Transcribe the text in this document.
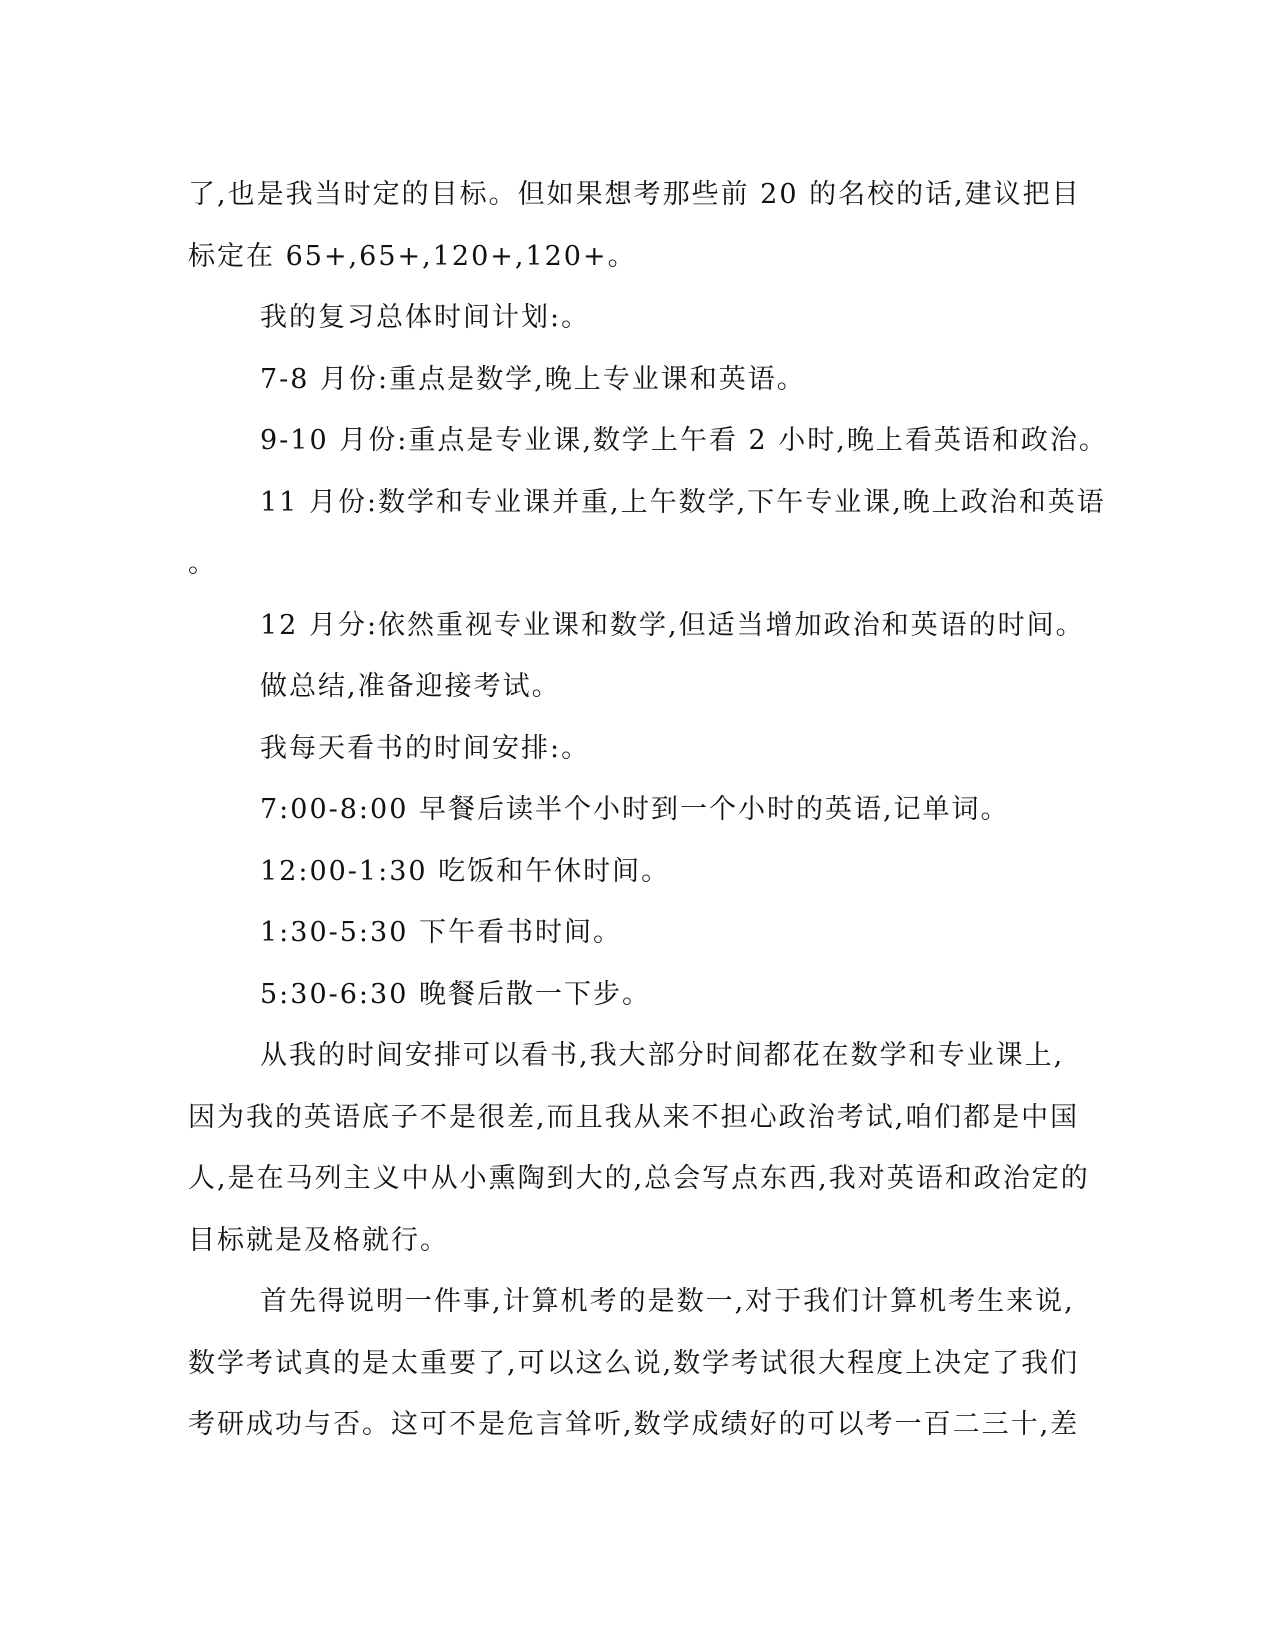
了,也是我当时定的目标。但如果想考那些前 20 的名校的话,建议把目
标定在 65+,65+,120+,120+。
我的复习总体时间计划:。
7-8 月份:重点是数学,晚上专业课和英语。
9-10 月份:重点是专业课,数学上午看 2 小时,晚上看英语和政治。
11 月份:数学和专业课并重,上午数学,下午专业课,晚上政治和英语
。
12 月分:依然重视专业课和数学,但适当增加政治和英语的时间。
做总结,准备迎接考试。
我每天看书的时间安排:。
7:00-8:00 早餐后读半个小时到一个小时的英语,记单词。
12:00-1:30 吃饭和午休时间。
1:30-5:30 下午看书时间。
5:30-6:30 晚餐后散一下步。
从我的时间安排可以看书,我大部分时间都花在数学和专业课上,
因为我的英语底子不是很差,而且我从来不担心政治考试,咱们都是中国
人,是在马列主义中从小熏陶到大的,总会写点东西,我对英语和政治定的
目标就是及格就行。
首先得说明一件事,计算机考的是数一,对于我们计算机考生来说,
数学考试真的是太重要了,可以这么说,数学考试很大程度上决定了我们
考研成功与否。这可不是危言耸听,数学成绩好的可以考一百二三十,差
